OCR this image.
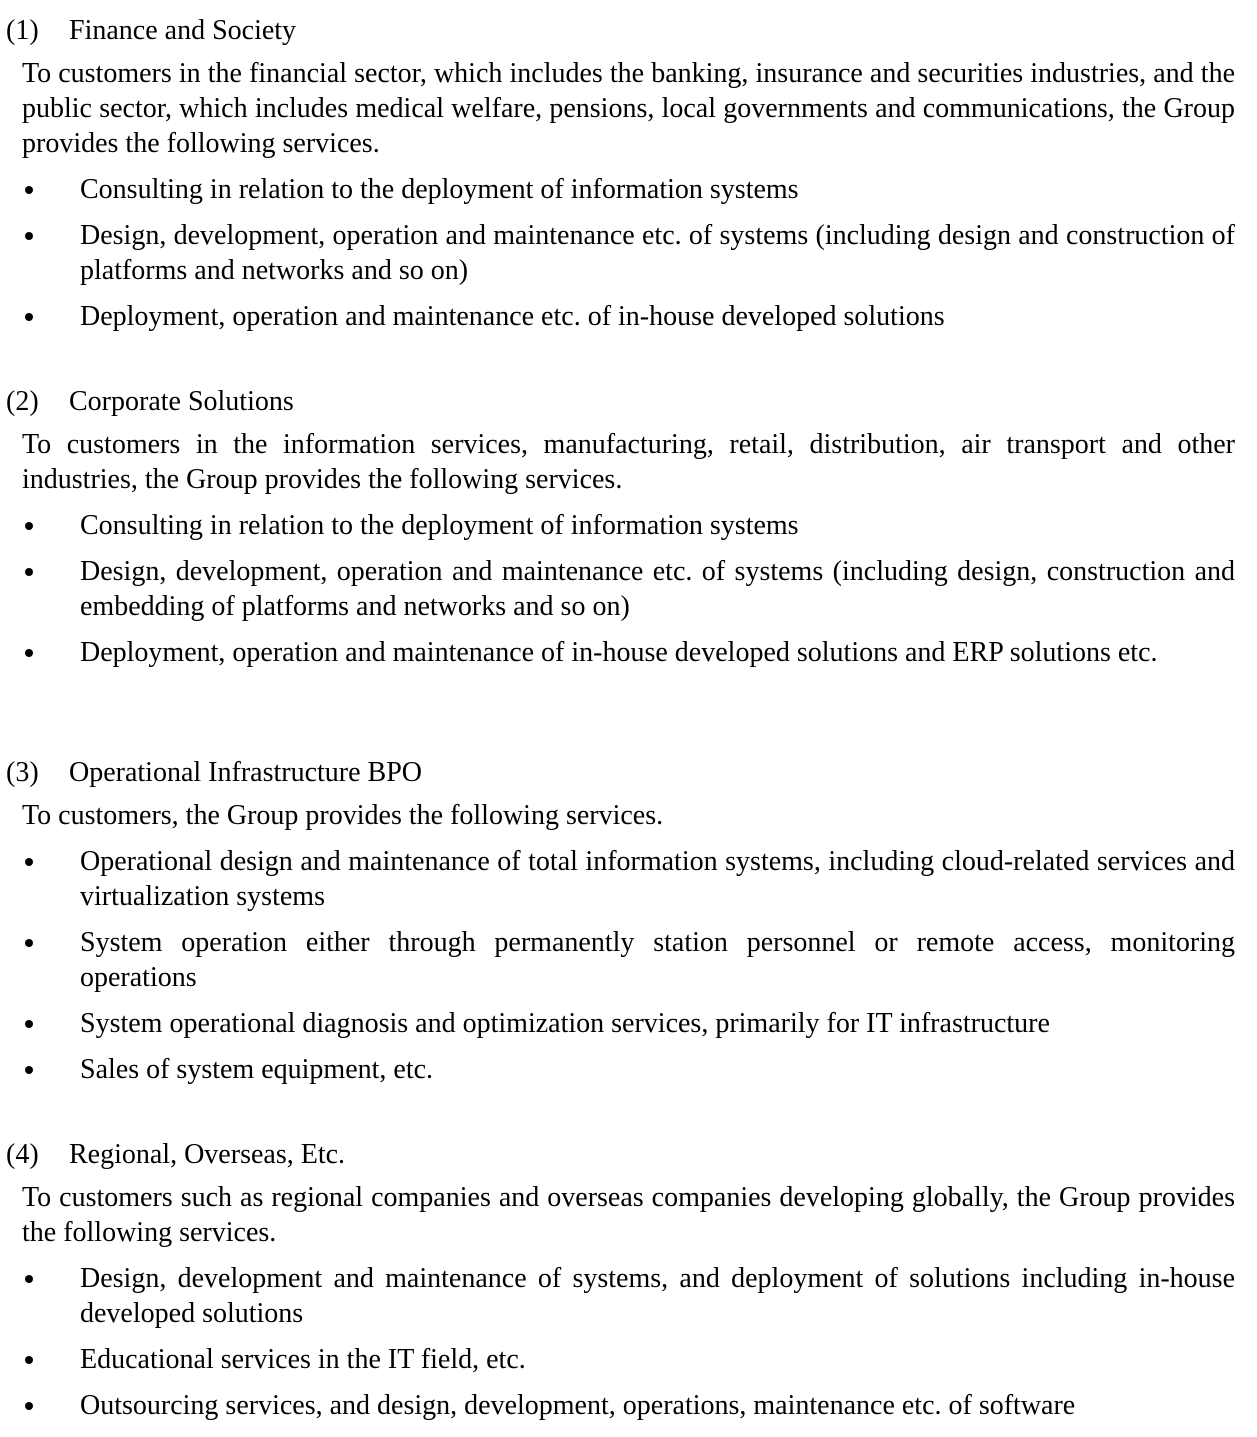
(1) Finance and Society

To customers in the financial sector, which includes the banking, insurance and securities industries, and the public sector, which includes medical welfare, pensions, local governments and communications, the Group provides the following services.

Consulting in relation to the deployment of information systems
Design, development, operation and maintenance etc. of systems (including design and construction of platforms and networks and so on)
Deployment, operation and maintenance etc. of in-house developed solutions
(2) Corporate Solutions

To customers in the information services, manufacturing, retail, distribution, air transport and other industries, the Group provides the following services.

Consulting in relation to the deployment of information systems
Design, development, operation and maintenance etc. of systems (including design, construction and embedding of platforms and networks and so on)
Deployment, operation and maintenance of in-house developed solutions and ERP solutions etc.
(3) Operational Infrastructure BPO

To customers, the Group provides the following services.

Operational design and maintenance of total information systems, including cloud-related services and virtualization systems
System operation either through permanently station personnel or remote access, monitoring operations
System operational diagnosis and optimization services, primarily for IT infrastructure
Sales of system equipment, etc.
(4) Regional, Overseas, Etc.

To customers such as regional companies and overseas companies developing globally, the Group provides the following services.

Design, development and maintenance of systems, and deployment of solutions including in-house developed solutions
Educational services in the IT field, etc.
Outsourcing services, and design, development, operations, maintenance etc. of software
